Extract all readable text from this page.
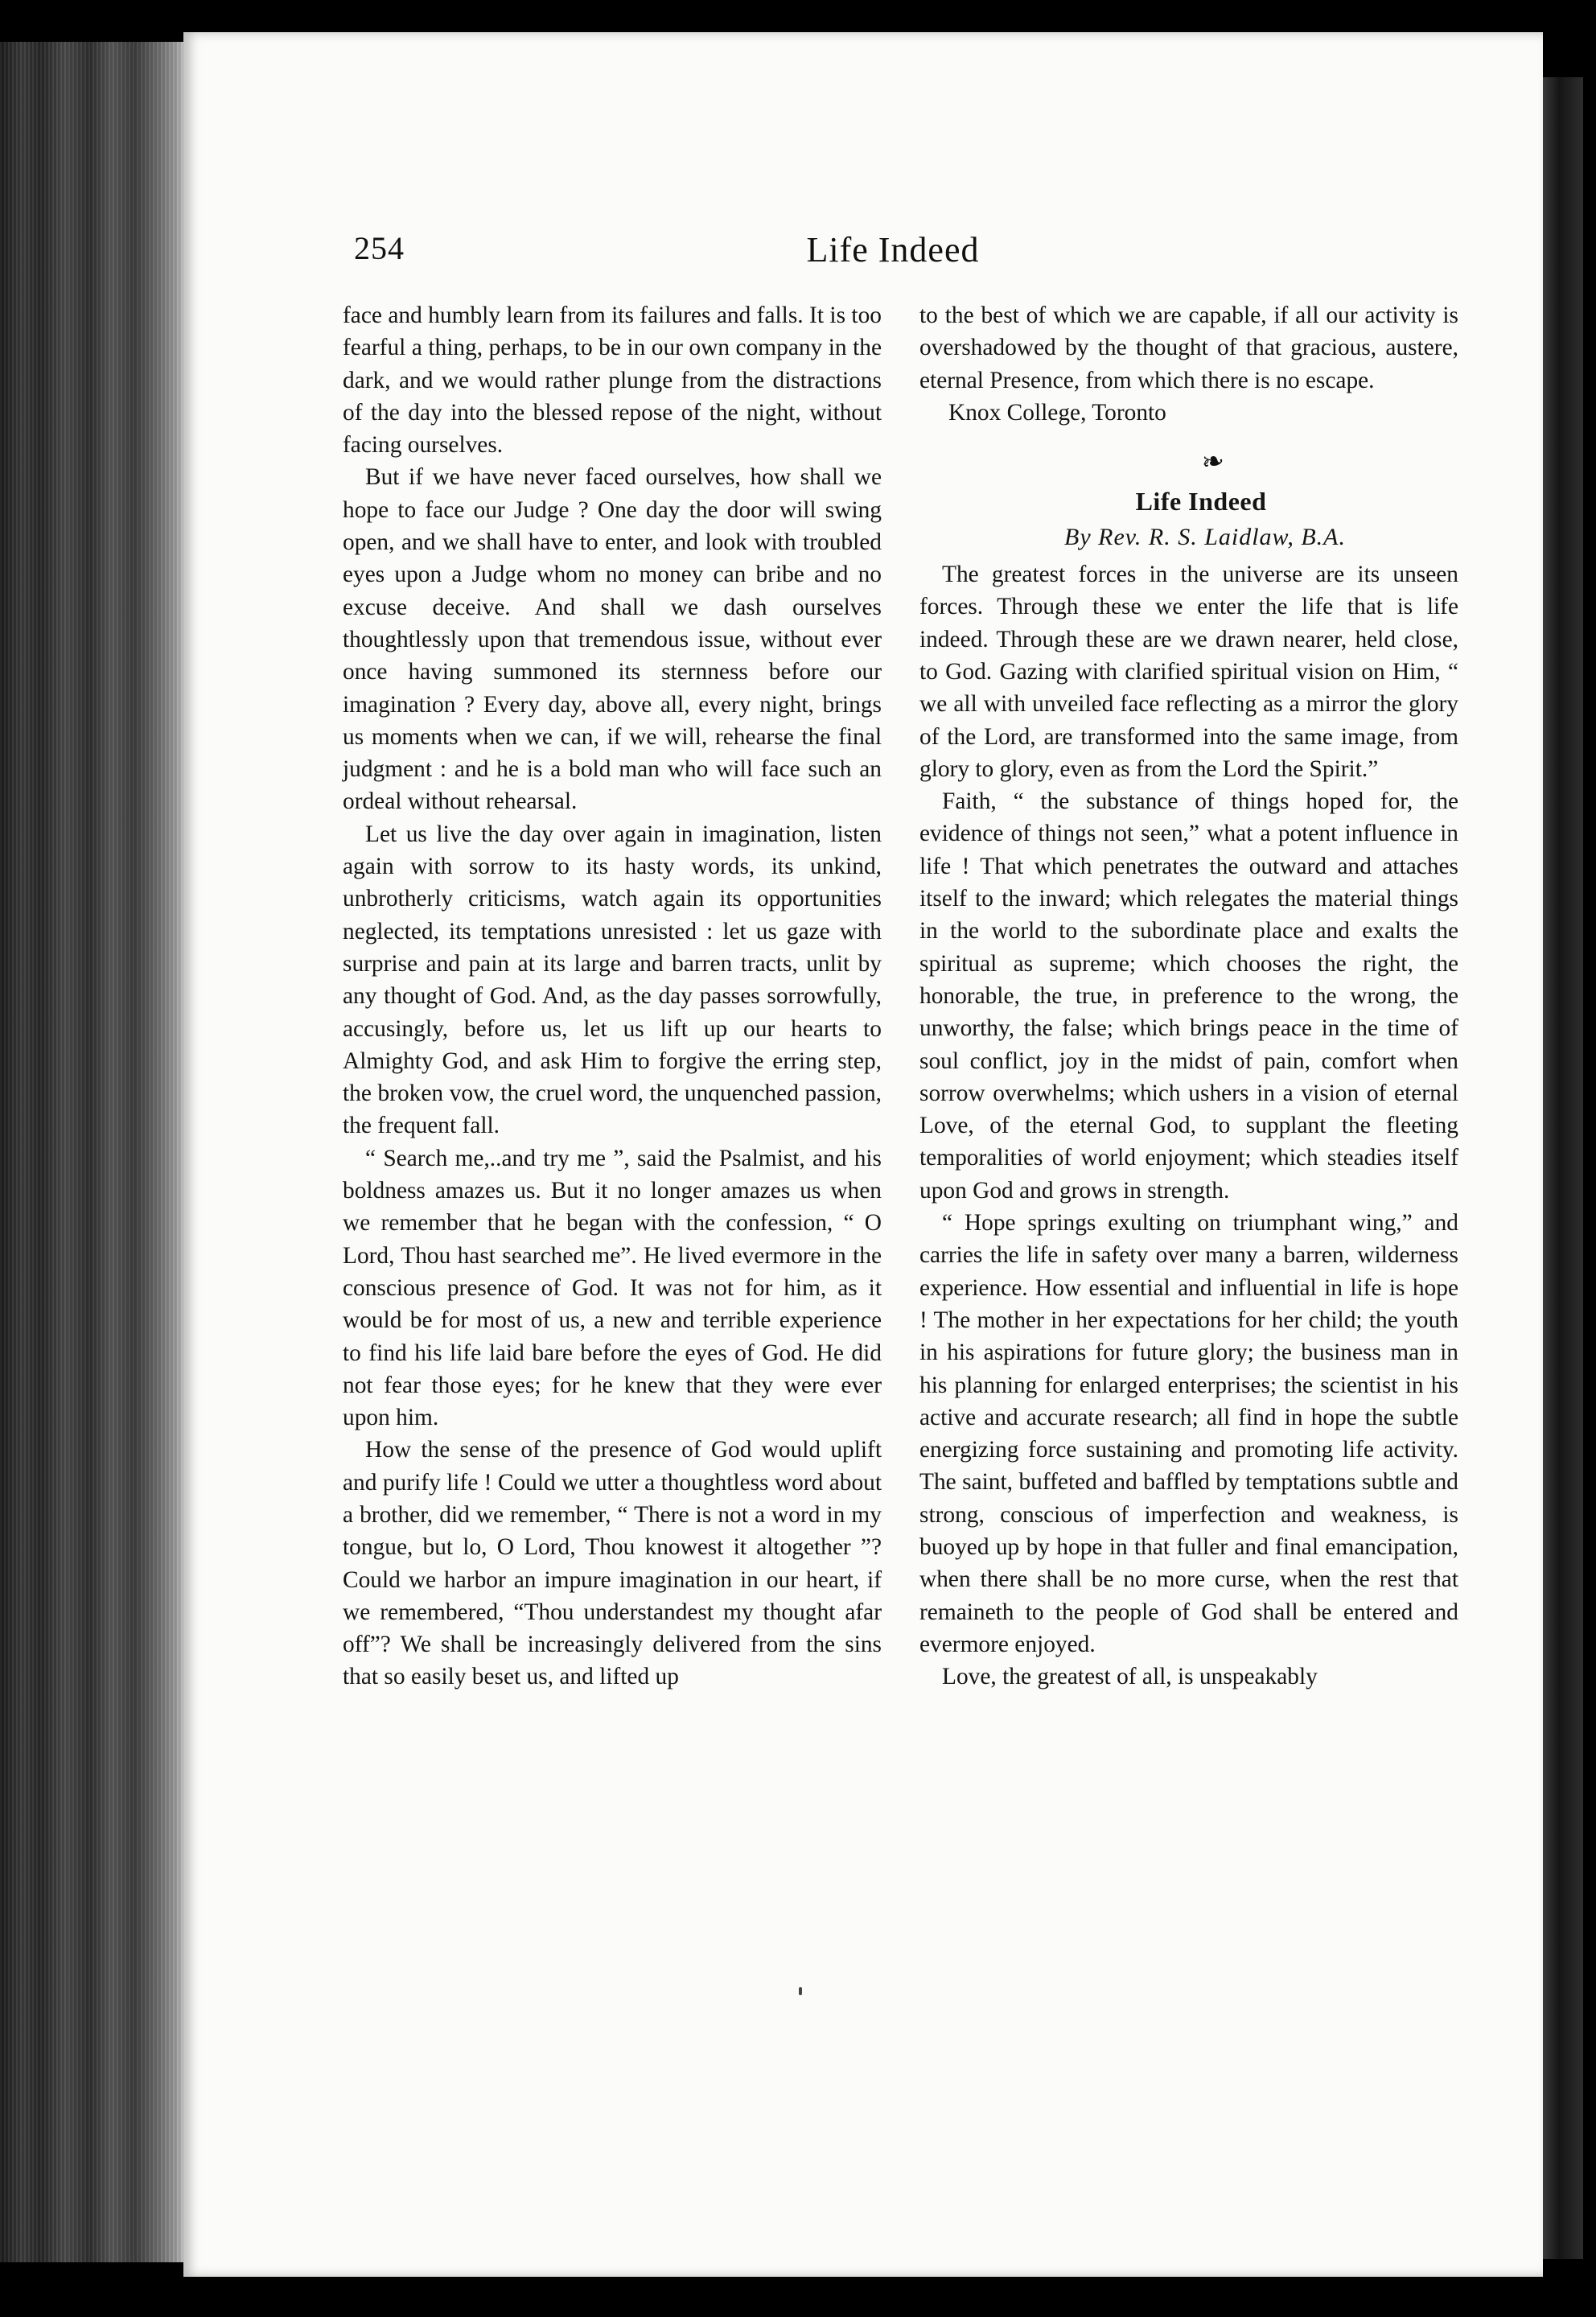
254	Life Indeed

face and humbly learn from its failures and falls. It is too fearful a thing, perhaps, to be in our own company in the dark, and we would rather plunge from the distractions of the day into the blessed repose of the night, without facing ourselves.

But if we have never faced ourselves, how shall we hope to face our Judge ? One day the door will swing open, and we shall have to enter, and look with troubled eyes upon a Judge whom no money can bribe and no excuse deceive. And shall we dash ourselves thoughtlessly upon that tremendous issue, without ever once having summoned its sternness before our imagination ? Every day, above all, every night, brings us moments when we can, if we will, rehearse the final judgment : and he is a bold man who will face such an ordeal without rehearsal.

Let us live the day over again in imagination, listen again with sorrow to its hasty words, its unkind, unbrotherly criticisms, watch again its opportunities neglected, its temptations unresisted : let us gaze with surprise and pain at its large and barren tracts, unlit by any thought of God. And, as the day passes sorrowfully, accusingly, before us, let us lift up our hearts to Almighty God, and ask Him to forgive the erring step, the broken vow, the cruel word, the unquenched passion, the frequent fall.

“ Search me,..and try me ”, said the Psalmist, and his boldness amazes us. But it no longer amazes us when we remember that he began with the confession, “ O Lord, Thou hast searched me”. He lived evermore in the conscious presence of God. It was not for him, as it would be for most of us, a new and terrible experience to find his life laid bare before the eyes of God. He did not fear those eyes; for he knew that they were ever upon him.

How the sense of the presence of God would uplift and purify life ! Could we utter a thoughtless word about a brother, did we remember, “ There is not a word in my tongue, but lo, O Lord, Thou knowest it altogether ”? Could we harbor an impure imagination in our heart, if we remembered, “Thou understandest my thought afar off”? We shall be increasingly delivered from the sins that so easily beset us, and lifted up

to the best of which we are capable, if all our activity is overshadowed by the thought of that gracious, austere, eternal Presence, from which there is no escape.

Knox College, Toronto

❧
Life Indeed
By Rev. R. S. Laidlaw, B.A.

The greatest forces in the universe are its unseen forces. Through these we enter the life that is life indeed. Through these are we drawn nearer, held close, to God. Gazing with clarified spiritual vision on Him, “ we all with unveiled face reflecting as a mirror the glory of the Lord, are transformed into the same image, from glory to glory, even as from the Lord the Spirit.”

Faith, “ the substance of things hoped for, the evidence of things not seen,” what a potent influence in life ! That which penetrates the outward and attaches itself to the inward; which relegates the material things in the world to the subordinate place and exalts the spiritual as supreme; which chooses the right, the honorable, the true, in preference to the wrong, the unworthy, the false; which brings peace in the time of soul conflict, joy in the midst of pain, comfort when sorrow overwhelms; which ushers in a vision of eternal Love, of the eternal God, to supplant the fleeting temporalities of world enjoyment; which steadies itself upon God and grows in strength.

“ Hope springs exulting on triumphant wing,” and carries the life in safety over many a barren, wilderness experience. How essential and influential in life is hope ! The mother in her expectations for her child; the youth in his aspirations for future glory; the business man in his planning for enlarged enterprises; the scientist in his active and accurate research; all find in hope the subtle energizing force sustaining and promoting life activity. The saint, buffeted and baffled by temptations subtle and strong, conscious of imperfection and weakness, is buoyed up by hope in that fuller and final emancipation, when there shall be no more curse, when the rest that remaineth to the people of God shall be entered and evermore enjoyed.

Love, the greatest of all, is unspeakably
